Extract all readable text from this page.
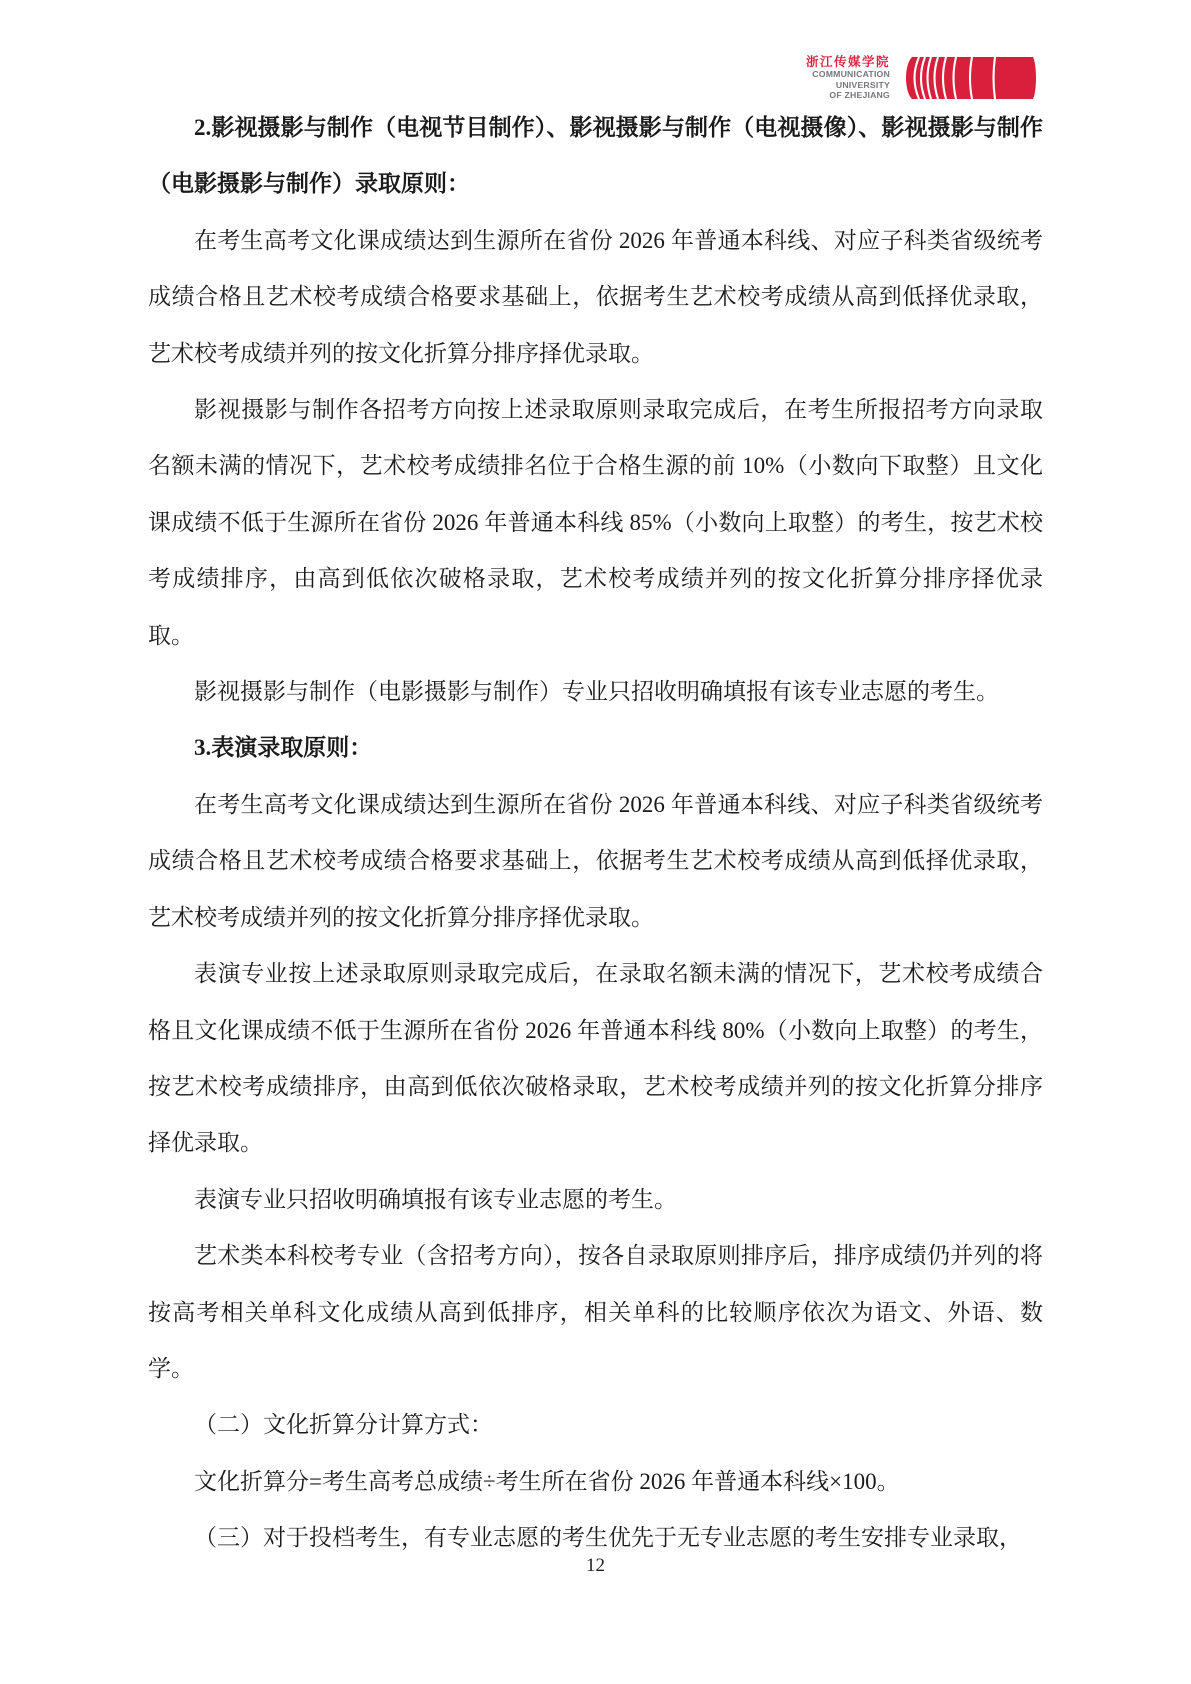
浙江传媒学院
COMMUNICATION
UNIVERSITY
OF ZHEJIANG

2.影视摄影与制作（电视节目制作）、影视摄影与制作（电视摄像）、影视摄影与制作（电影摄影与制作）录取原则：

在考生高考文化课成绩达到生源所在省份 2026 年普通本科线、对应子科类省级统考成绩合格且艺术校考成绩合格要求基础上，依据考生艺术校考成绩从高到低择优录取，艺术校考成绩并列的按文化折算分排序择优录取。

影视摄影与制作各招考方向按上述录取原则录取完成后，在考生所报招考方向录取名额未满的情况下，艺术校考成绩排名位于合格生源的前 10%（小数向下取整）且文化课成绩不低于生源所在省份 2026 年普通本科线 85%（小数向上取整）的考生，按艺术校考成绩排序，由高到低依次破格录取，艺术校考成绩并列的按文化折算分排序择优录取。

影视摄影与制作（电影摄影与制作）专业只招收明确填报有该专业志愿的考生。

3.表演录取原则：

在考生高考文化课成绩达到生源所在省份 2026 年普通本科线、对应子科类省级统考成绩合格且艺术校考成绩合格要求基础上，依据考生艺术校考成绩从高到低择优录取，艺术校考成绩并列的按文化折算分排序择优录取。

表演专业按上述录取原则录取完成后，在录取名额未满的情况下，艺术校考成绩合格且文化课成绩不低于生源所在省份 2026 年普通本科线 80%（小数向上取整）的考生，按艺术校考成绩排序，由高到低依次破格录取，艺术校考成绩并列的按文化折算分排序择优录取。

表演专业只招收明确填报有该专业志愿的考生。

艺术类本科校考专业（含招考方向），按各自录取原则排序后，排序成绩仍并列的将按高考相关单科文化成绩从高到低排序，相关单科的比较顺序依次为语文、外语、数学。

（二）文化折算分计算方式：

文化折算分=考生高考总成绩÷考生所在省份 2026 年普通本科线×100。

（三）对于投档考生，有专业志愿的考生优先于无专业志愿的考生安排专业录取，

12
